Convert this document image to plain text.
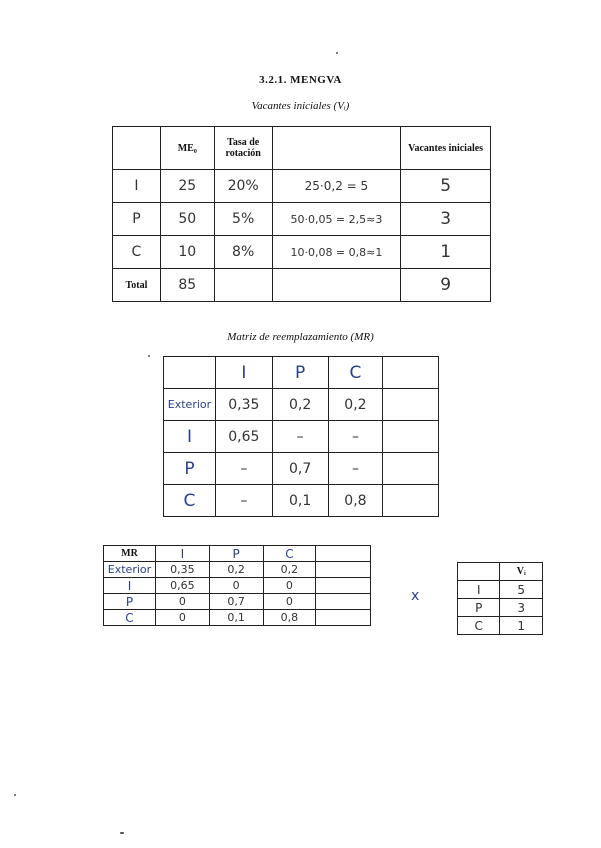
3.2.1. MENGVA
Vacantes iniciales (Vᵢ)
	ME₀	Tasa de rotación		Vacantes iniciales
I	25	20%	25·0,2 = 5	5
P	50	5%	50·0,05 = 2,5≈3	3
C	10	8%	10·0,08 = 0,8≈1	1
Total	85			9
Matriz de reemplazamiento (MR)
	I	P	C	
Exterior	0,35	0,2	0,2	
I	0,65	–	–	
P	–	0,7	–	
C	–	0,1	0,8	
MR	I	P	C	
Exterior	0,35	0,2	0,2	
I	0,65	0	0	
P	0	0,7	0	
C	0	0,1	0,8	
x
	Vᵢ
I	5
P	3
C	1
